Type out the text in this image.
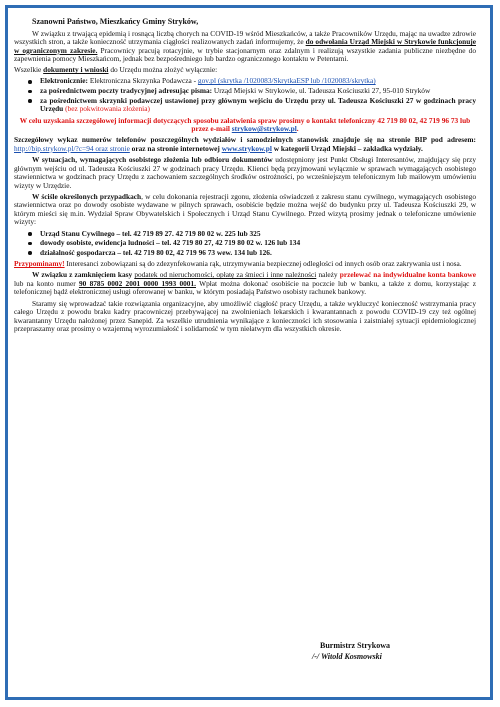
Szanowni Państwo, Mieszkańcy Gminy Stryków,

W związku z trwającą epidemią i rosnącą liczbą chorych na COVID-19 wśród Mieszkańców, a także Pracowników Urzędu, mając na uwadze zdrowie wszystkich stron, a także konieczność utrzymania ciągłości realizowanych zadań informujemy, że do odwołania Urząd Miejski w Strykowie funkcjonuje w ograniczonym zakresie. Pracownicy pracują rotacyjnie, w trybie stacjonarnym oraz zdalnym i realizują wszystkie zadania publiczne niezbędne do zapewnienia pomocy Mieszkańcom, jednak bez bezpośredniego lub bardzo ograniczonego kontaktu w Petentami.

Wszelkie dokumenty i wnioski do Urzędu można złożyć wyłącznie:

Elektronicznie: Elektroniczna Skrzynka Podawcza - gov.pl (skrytka /1020083/SkrytkaESP lub /1020083/skrytka)
za pośrednictwem poczty tradycyjnej adresując pisma: Urząd Miejski w Strykowie, ul. Tadeusza Kościuszki 27, 95-010 Stryków
za pośrednictwem skrzynki podawczej ustawionej przy głównym wejściu do Urzędu przy ul. Tadeusza Kościuszki 27 w godzinach pracy Urzędu (bez pokwitowania złożenia)

W celu uzyskania szczegółowej informacji dotyczących sposobu załatwienia spraw prosimy o kontakt telefoniczny 42 719 80 02, 42 719 96 73 lub przez e-mail strykow@strykow.pl.

Szczegółowy wykaz numerów telefonów poszczególnych wydziałów i samodzielnych stanowisk znajduje się na stronie BIP pod adresem: http://bip.strykow.pl/?c=94 oraz stronie oraz na stronie internetowej www.strykow.pl w kategorii Urząd Miejski – zakładka wydziały.

W sytuacjach, wymagających osobistego złożenia lub odbioru dokumentów udostępniony jest Punkt Obsługi Interesantów, znajdujący się przy głównym wejściu od ul. Tadeusza Kościuszki 27 w godzinach pracy Urzędu. Klienci będą przyjmowani wyłącznie w sprawach wymagających osobistego stawiennictwa w godzinach pracy Urzędu z zachowaniem szczególnych środków ostrożności, po wcześniejszym telefonicznym lub mailowym umówieniu wizyty w Urzędzie.

W ściśle określonych przypadkach, w celu dokonania rejestracji zgonu, złożenia oświadczeń z zakresu stanu cywilnego, wymagających osobistego stawiennictwa oraz po dowody osobiste wydawane w pilnych sprawach, osobiście będzie można wejść do budynku przy ul. Tadeusza Kościuszki 29, w którym mieści się m.in. Wydział Spraw Obywatelskich i Społecznych i Urząd Stanu Cywilnego. Przed wizytą prosimy jednak o telefoniczne umówienie wizyty:

Urząd Stanu Cywilnego – tel. 42 719 89 27. 42 719 80 02 w. 225 lub 325
dowody osobiste, ewidencja ludności – tel. 42 719 80 27, 42 719 80 02 w. 126 lub 134
działalność gospodarcza – tel. 42 719 80 02, 42 719 96 73 wew. 134 lub 126.

Przypominamy! Interesanci zobowiązani są do zdezynfekowania rąk, utrzymywania bezpiecznej odległości od innych osób oraz zakrywania ust i nosa.

W związku z zamknięciem kasy podatek od nieruchomości, opłatę za śmieci i inne należności należy przelewać na indywidualne konta bankowe lub na konto numer 90 8785 0002 2001 0000 1993 0001. Wpłat można dokonać osobiście na poczcie lub w banku, a także z domu, korzystając z telefonicznej bądź elektronicznej usługi oferowanej w banku, w którym posiadają Państwo osobisty rachunek bankowy.

Staramy się wprowadzać takie rozwiązania organizacyjne, aby umożliwić ciągłość pracy Urzędu, a także wykluczyć konieczność wstrzymania pracy całego Urzędu z powodu braku kadry pracowniczej przebywającej na zwolnieniach lekarskich i kwarantannach z powodu COVID-19 czy też ogólnej kwarantanny Urzędu nałożonej przez Sanepid. Za wszelkie utrudnienia wynikające z konieczności ich stosowania i zaistniałej sytuacji epidemiologicznej przepraszamy oraz prosimy o wzajemną wyrozumiałość i solidarność w tym niełatwym dla wszystkich okresie.

Burmistrz Strykowa
/-/ Witold Kosmowski
